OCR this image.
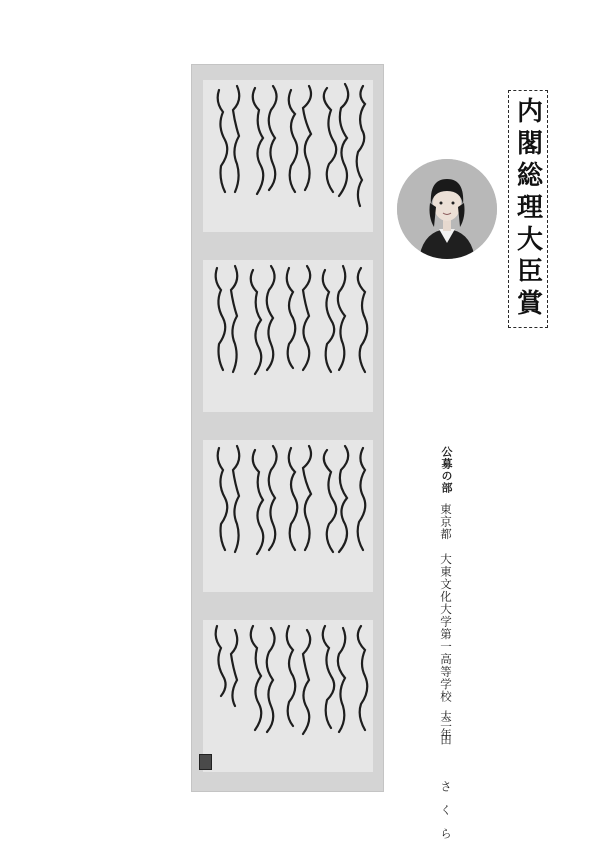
内閣総理大臣賞
公募の部
東京都　大東文化大学第一高等学校　三年
太田　さくら
